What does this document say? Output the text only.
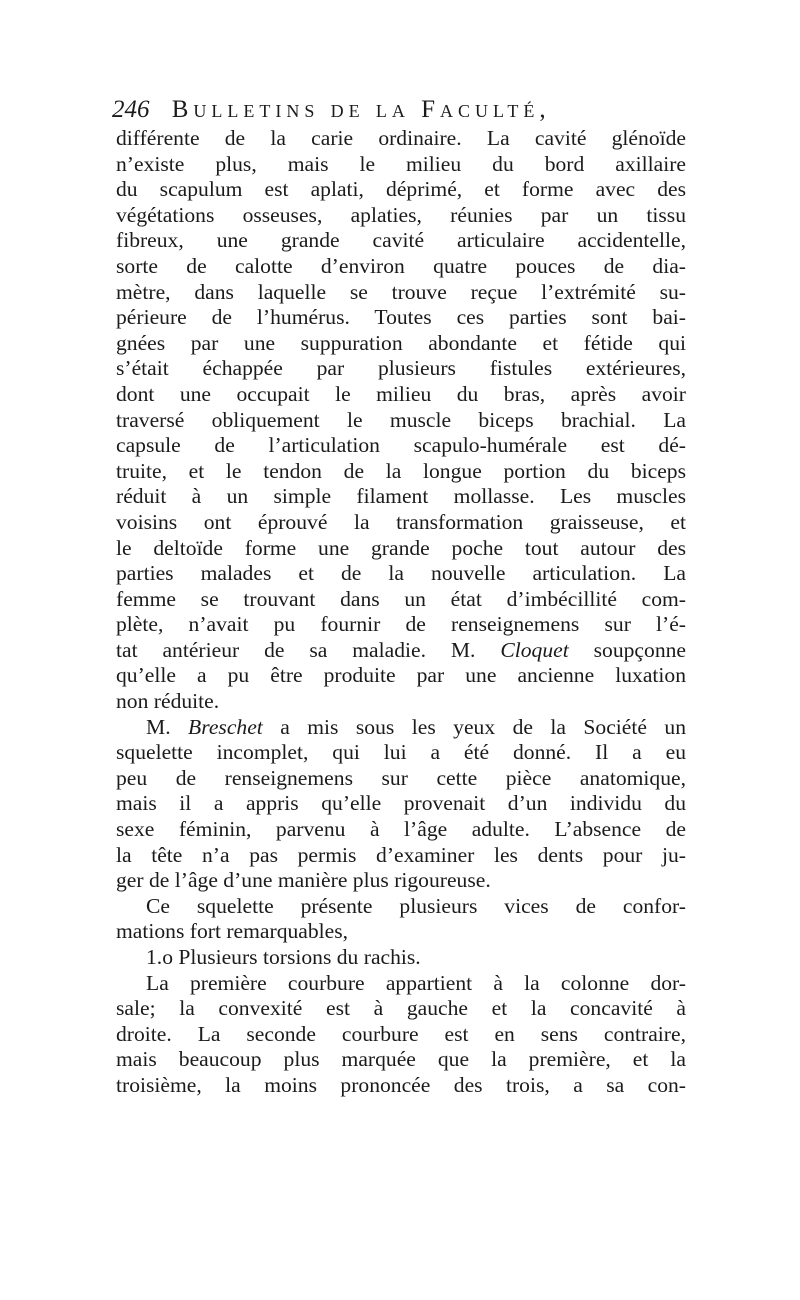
246 Bulletins de la Faculté,
différente de la carie ordinaire. La cavité glénoïde
n’existe plus, mais le milieu du bord axillaire
du scapulum est aplati, déprimé, et forme avec des
végétations osseuses, aplaties, réunies par un tissu
fibreux, une grande cavité articulaire accidentelle,
sorte de calotte d’environ quatre pouces de dia-
mètre, dans laquelle se trouve reçue l’extrémité su-
périeure de l’humérus. Toutes ces parties sont bai-
gnées par une suppuration abondante et fétide qui
s’était échappée par plusieurs fistules extérieures,
dont une occupait le milieu du bras, après avoir
traversé obliquement le muscle biceps brachial. La
capsule de l’articulation scapulo-humérale est dé-
truite, et le tendon de la longue portion du biceps
réduit à un simple filament mollasse. Les muscles
voisins ont éprouvé la transformation graisseuse, et
le deltoïde forme une grande poche tout autour des
parties malades et de la nouvelle articulation. La
femme se trouvant dans un état d’imbécillité com-
plète, n’avait pu fournir de renseignemens sur l’é-
tat antérieur de sa maladie. M. Cloquet soupçonne
qu’elle a pu être produite par une ancienne luxation
non réduite.
M. Breschet a mis sous les yeux de la Société un
squelette incomplet, qui lui a été donné. Il a eu
peu de renseignemens sur cette pièce anatomique,
mais il a appris qu’elle provenait d’un individu du
sexe féminin, parvenu à l’âge adulte. L’absence de
la tête n’a pas permis d’examiner les dents pour ju-
ger de l’âge d’une manière plus rigoureuse.
Ce squelette présente plusieurs vices de confor-
mations fort remarquables,
1.o Plusieurs torsions du rachis.
La première courbure appartient à la colonne dor-
sale; la convexité est à gauche et la concavité à
droite. La seconde courbure est en sens contraire,
mais beaucoup plus marquée que la première, et la
troisième, la moins prononcée des trois, a sa con-
